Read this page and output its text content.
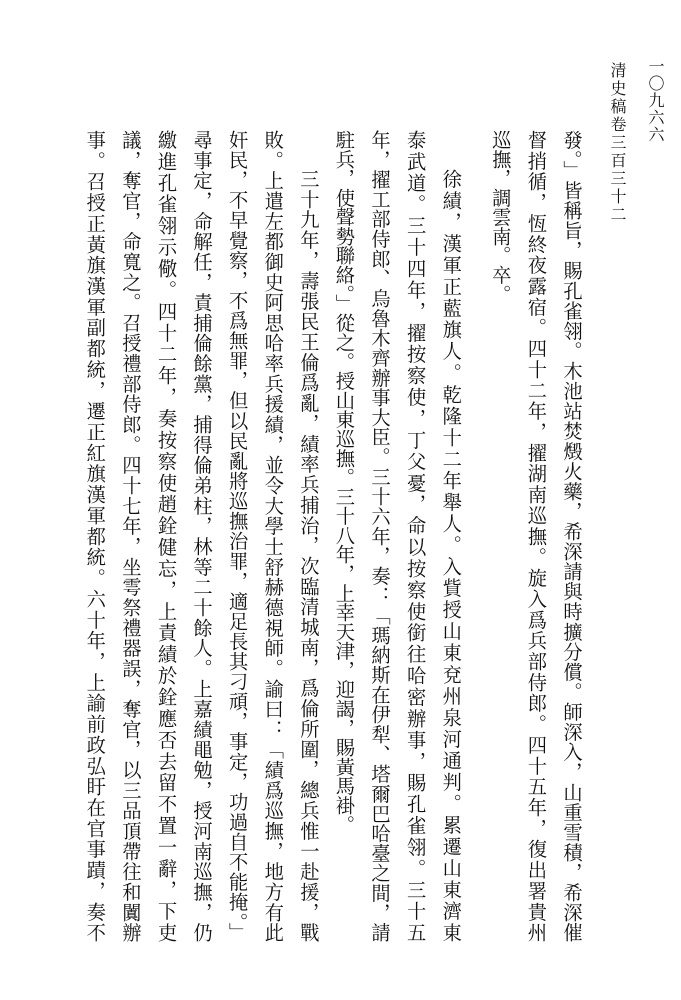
一〇九六六
清史稿卷三百三十二
發。」皆稱旨，賜孔雀翎。木池站焚燬火藥，希深請與時擴分償。師深入，山重雪積，希深催
督捎循，恆終夜露宿。四十二年，擢湖南巡撫。旋入爲兵部侍郎。四十五年，復出署貴州
巡撫，調雲南。卒。
徐績，漢軍正藍旗人。乾隆十二年舉人。入貲授山東兗州泉河通判。累遷山東濟東
泰武道。三十四年，擢按察使，丁父憂，命以按察使銜往哈密辦事，賜孔雀翎。三十五
年，擢工部侍郎、烏魯木齊辦事大臣。三十六年，奏：「瑪納斯在伊犁、塔爾巴哈臺之間，請
駐兵，使聲勢聯絡。」從之。授山東巡撫。三十八年，上幸天津，迎謁，賜黃馬褂。
三十九年，壽張民王倫爲亂，績率兵捕治，次臨清城南，爲倫所圍，總兵惟一赴援，戰
敗。上遣左都御史阿思哈率兵援績，並令大學士舒赫德視師。諭曰：「績爲巡撫，地方有此
奸民，不早覺察，不爲無罪，但以民亂將巡撫治罪，適足長其刁頑，事定，功過自不能掩。」
尋事定，命解任，責捕倫餘黨，捕得倫弟柱，林等二十餘人。上嘉績黽勉，授河南巡撫，仍
繳進孔雀翎示儆。四十二年，奏按察使趙銓健忘，上責績於銓應否去留不置一辭，下吏
議，奪官，命寬之。召授禮部侍郎。四十七年，坐雩祭禮器誤，奪官，以三品頂帶往和闐辦
事。召授正黃旗漢軍副都統，遷正紅旗漢軍都統。六十年，上諭前政弘盱在官事蹟，奏不
